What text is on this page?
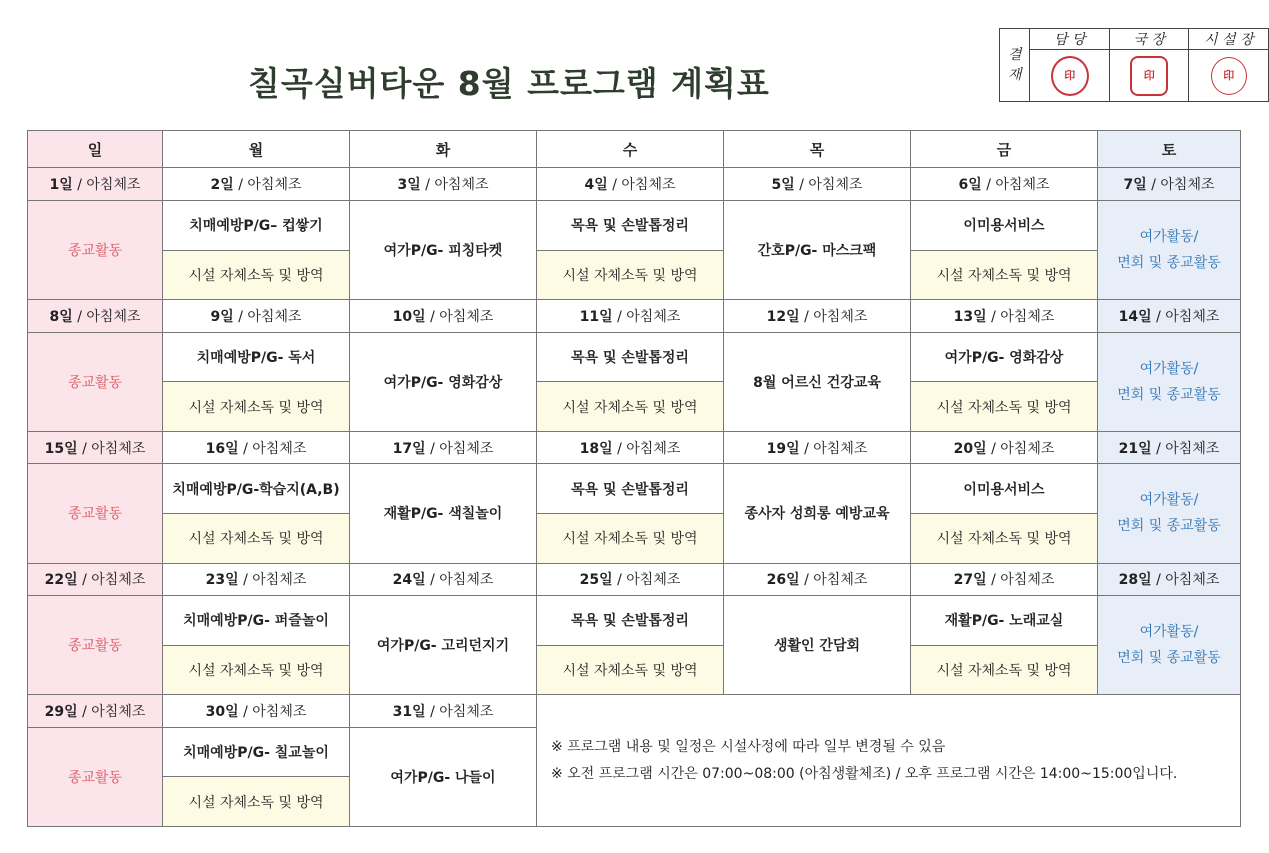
칠곡실버타운 8월 프로그램 계획표
결 재	담 당	국 장	시 설 장
	印	印	印
일	월	화	수	목	금	토
1일 / 아침체조	2일 / 아침체조	3일 / 아침체조	4일 / 아침체조	5일 / 아침체조	6일 / 아침체조	7일 / 아침체조
종교활동	치매예방P/G– 컵쌓기	여가P/G- 피칭타켓	목욕 및 손발톱정리	간호P/G- 마스크팩	이미용서비스	여가활동/
면회 및 종교활동

	시설 자체소독 및 방역		시설 자체소독 및 방역		시설 자체소독 및 방역	
8일 / 아침체조	9일 / 아침체조	10일 / 아침체조	11일 / 아침체조	12일 / 아침체조	13일 / 아침체조	14일 / 아침체조
종교활동	치매예방P/G- 독서	여가P/G- 영화감상	목욕 및 손발톱정리	8월 어르신 건강교육	여가P/G- 영화감상	여가활동/
면회 및 종교활동

	시설 자체소독 및 방역		시설 자체소독 및 방역		시설 자체소독 및 방역	
15일 / 아침체조	16일 / 아침체조	17일 / 아침체조	18일 / 아침체조	19일 / 아침체조	20일 / 아침체조	21일 / 아침체조
종교활동	치매예방P/G-학습지(A,B)	재활P/G- 색칠놀이	목욕 및 손발톱정리	종사자 성희롱 예방교육	이미용서비스	여가활동/
면회 및 종교활동

	시설 자체소독 및 방역		시설 자체소독 및 방역		시설 자체소독 및 방역	
22일 / 아침체조	23일 / 아침체조	24일 / 아침체조	25일 / 아침체조	26일 / 아침체조	27일 / 아침체조	28일 / 아침체조
종교활동	치매예방P/G- 퍼즐놀이	여가P/G- 고리던지기	목욕 및 손발톱정리	생활인 간담회	재활P/G- 노래교실	여가활동/
면회 및 종교활동

	시설 자체소독 및 방역		시설 자체소독 및 방역		시설 자체소독 및 방역	
29일 / 아침체조	30일 / 아침체조	31일 / 아침체조	※ 프로그램 내용 및 일정은 시설사정에 따라 일부 변경될 수 있음
※ 오전 프로그램 시간은 07:00~08:00 (아침생활체조) / 오후 프로그램 시간은 14:00~15:00입니다.			

종교활동	치매예방P/G- 칠교놀이	여가P/G- 나들이				
	시설 자체소독 및 방역					
